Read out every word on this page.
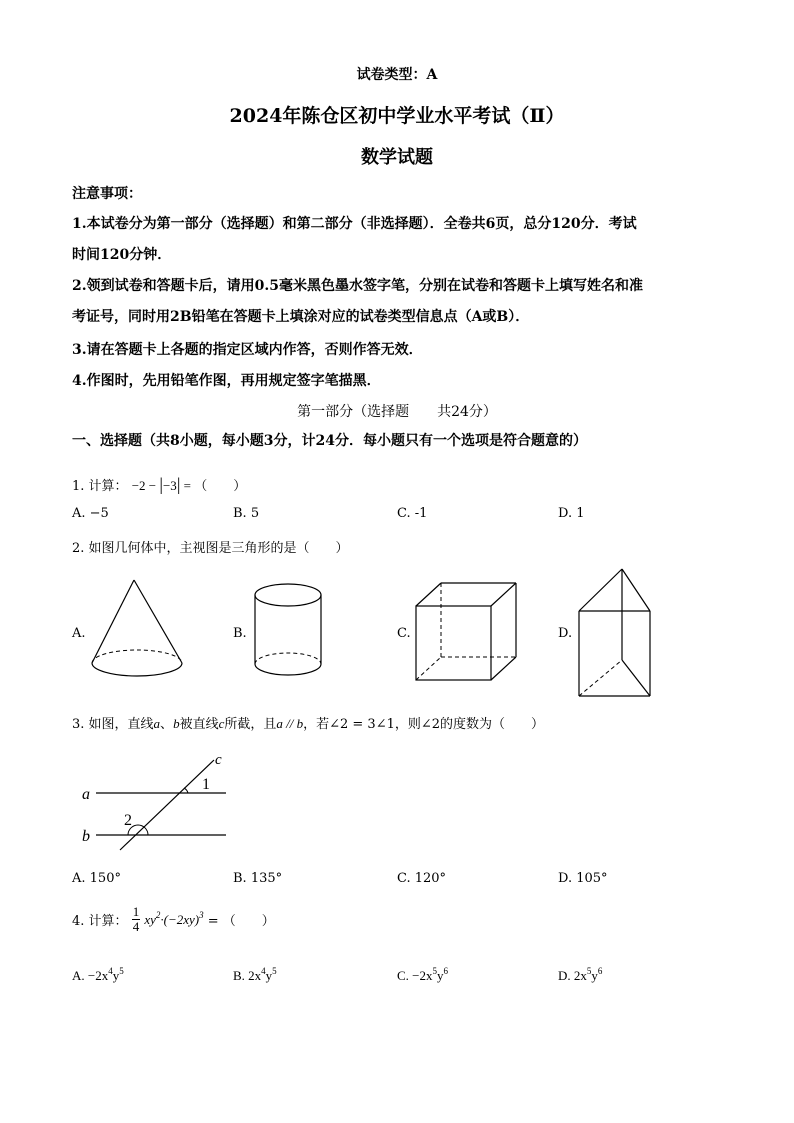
试卷类型：A
2024年陈仓区初中学业水平考试（Ⅱ）
数学试题
注意事项：
1.本试卷分为第一部分（选择题）和第二部分（非选择题）．全卷共6页，总分120分．考试
时间120分钟．
2.领到试卷和答题卡后，请用0.5毫米黑色墨水签字笔，分别在试卷和答题卡上填写姓名和准
考证号，同时用2B铅笔在答题卡上填涂对应的试卷类型信息点（A或B）．
3.请在答题卡上各题的指定区域内作答，否则作答无效．
4.作图时，先用铅笔作图，再用规定签字笔描黑．
第一部分（选择题　　共24分）
一、选择题（共8小题，每小题3分，计24分．每小题只有一个选项是符合题意的）
1. 计算： −2 − |−3| = （　　）
A. −5	B. 5	C. -1	D. 1
2. 如图几何体中，主视图是三角形的是（　　）
A.	B.	C.	D.
3. 如图，直线a、b被直线c所截，且a // b，若∠2 = 3∠1，则∠2的度数为（　　）
c
a
b
1
2
A. 150°	B. 135°	C. 120°	D. 105°
4. 计算： $\frac{1}{4} xy^2\cdot(-2xy)^3$ = （　　）
A. $-2x^4y^5$	B. $2x^4y^5$	C. $-2x^5y^6$	D. $2x^5y^6$
